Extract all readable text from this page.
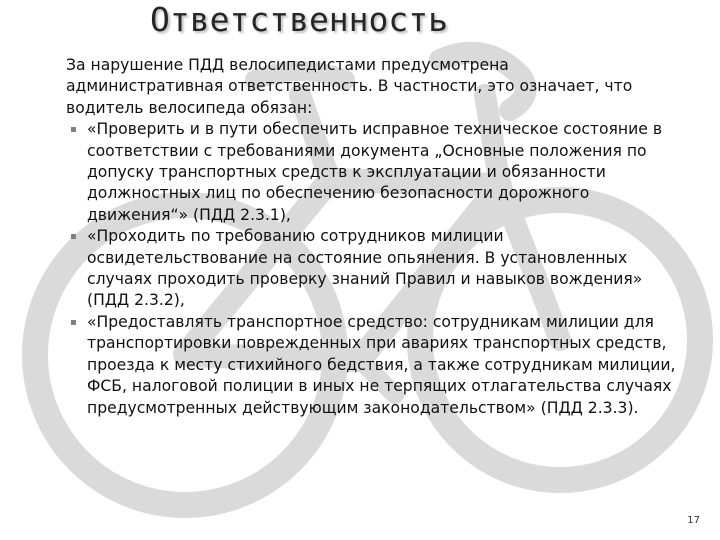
Ответственность

За нарушение ПДД велосипедистами предусмотрена административная ответственность. В частности, это означает, что водитель велосипеда обязан:

▪ «Проверить и в пути обеспечить исправное техническое состояние в соответствии с требованиями документа „Основные положения по допуску транспортных средств к эксплуатации и обязанности должностных лиц по обеспечению безопасности дорожного движения“» (ПДД 2.3.1),
▪ «Проходить по требованию сотрудников милиции освидетельствование на состояние опьянения. В установленных случаях проходить проверку знаний Правил и навыков вождения» (ПДД 2.3.2),
▪ «Предоставлять транспортное средство: сотрудникам милиции для транспортировки поврежденных при авариях транспортных средств, проезда к месту стихийного бедствия, а также сотрудникам милиции, ФСБ, налоговой полиции в иных не терпящих отлагательства случаях предусмотренных действующим законодательством» (ПДД 2.3.3).
17
